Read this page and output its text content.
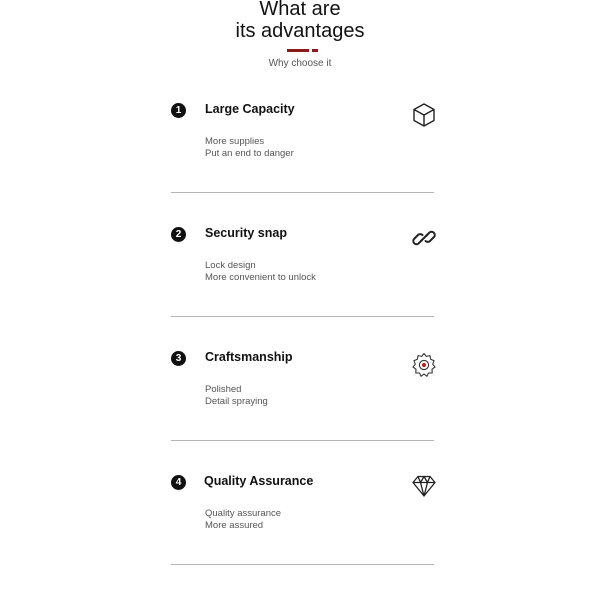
What are
its advantages
Why choose it
1	Large Capacity
More supplies
Put an end to danger
2	Security snap
Lock design
More convenient to unlock
3	Craftsmanship
Polished
Detail spraying
4	Quality Assurance
Quality assurance
More assured
